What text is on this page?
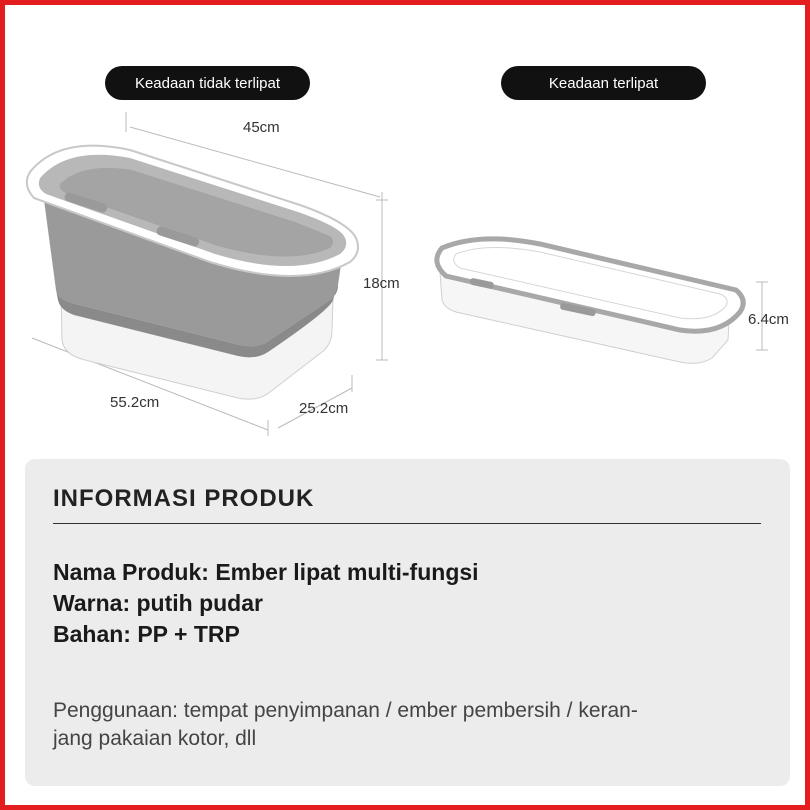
Keadaan tidak terlipat	Keadaan terlipat
45cm
18cm
55.2cm	25.2cm
6.4cm
INFORMASI PRODUK
Nama Produk: Ember lipat multi-fungsi
Warna: putih pudar
Bahan: PP + TRP
Penggunaan: tempat penyimpanan / ember pembersih / keran-
jang pakaian kotor, dll
